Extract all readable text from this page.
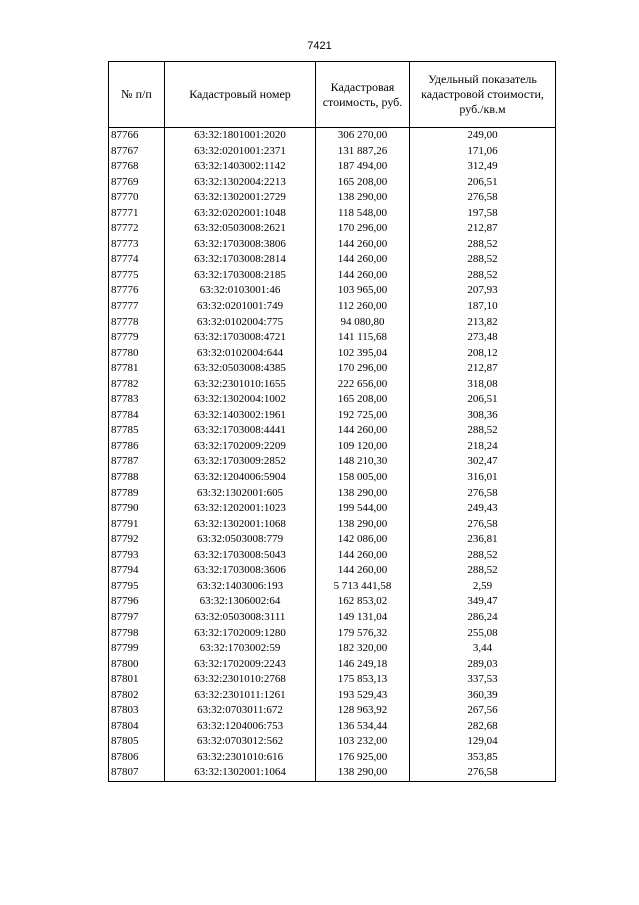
7421
№ п/п	Кадастровый номер	Кадастровая стоимость, руб.	Удельный показатель кадастровой стоимости, руб./кв.м
87766	63:32:1801001:2020	306 270,00	249,00
87767	63:32:0201001:2371	131 887,26	171,06
87768	63:32:1403002:1142	187 494,00	312,49
87769	63:32:1302004:2213	165 208,00	206,51
87770	63:32:1302001:2729	138 290,00	276,58
87771	63:32:0202001:1048	118 548,00	197,58
87772	63:32:0503008:2621	170 296,00	212,87
87773	63:32:1703008:3806	144 260,00	288,52
87774	63:32:1703008:2814	144 260,00	288,52
87775	63:32:1703008:2185	144 260,00	288,52
87776	63:32:0103001:46	103 965,00	207,93
87777	63:32:0201001:749	112 260,00	187,10
87778	63:32:0102004:775	94 080,80	213,82
87779	63:32:1703008:4721	141 115,68	273,48
87780	63:32:0102004:644	102 395,04	208,12
87781	63:32:0503008:4385	170 296,00	212,87
87782	63:32:2301010:1655	222 656,00	318,08
87783	63:32:1302004:1002	165 208,00	206,51
87784	63:32:1403002:1961	192 725,00	308,36
87785	63:32:1703008:4441	144 260,00	288,52
87786	63:32:1702009:2209	109 120,00	218,24
87787	63:32:1703009:2852	148 210,30	302,47
87788	63:32:1204006:5904	158 005,00	316,01
87789	63:32:1302001:605	138 290,00	276,58
87790	63:32:1202001:1023	199 544,00	249,43
87791	63:32:1302001:1068	138 290,00	276,58
87792	63:32:0503008:779	142 086,00	236,81
87793	63:32:1703008:5043	144 260,00	288,52
87794	63:32:1703008:3606	144 260,00	288,52
87795	63:32:1403006:193	5 713 441,58	2,59
87796	63:32:1306002:64	162 853,02	349,47
87797	63:32:0503008:3111	149 131,04	286,24
87798	63:32:1702009:1280	179 576,32	255,08
87799	63:32:1703002:59	182 320,00	3,44
87800	63:32:1702009:2243	146 249,18	289,03
87801	63:32:2301010:2768	175 853,13	337,53
87802	63:32:2301011:1261	193 529,43	360,39
87803	63:32:0703011:672	128 963,92	267,56
87804	63:32:1204006:753	136 534,44	282,68
87805	63:32:0703012:562	103 232,00	129,04
87806	63:32:2301010:616	176 925,00	353,85
87807	63:32:1302001:1064	138 290,00	276,58
